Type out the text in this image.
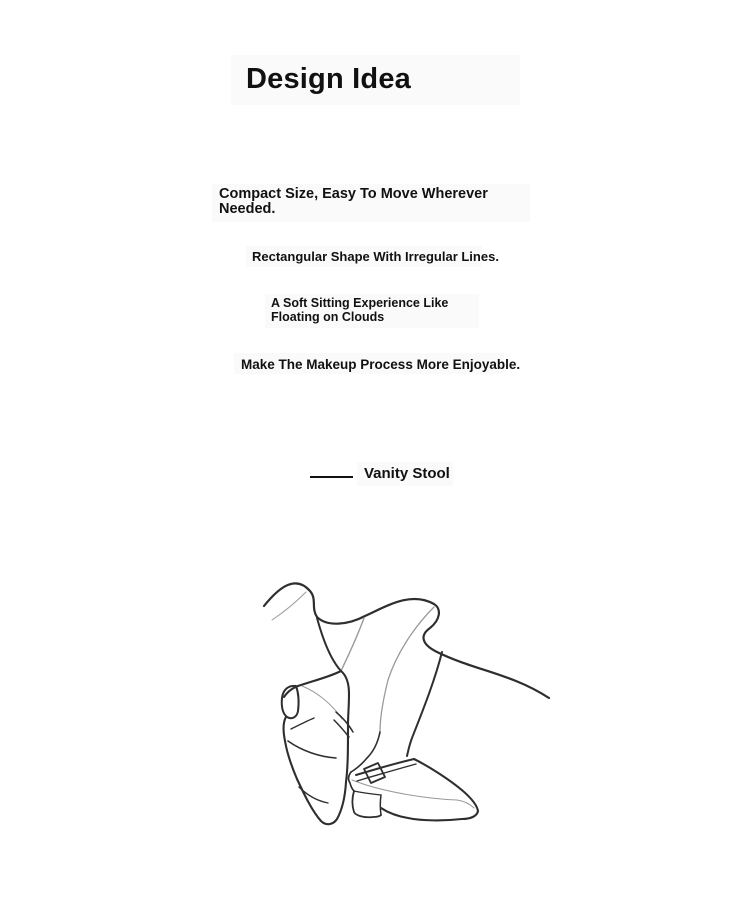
Design Idea
Compact Size, Easy To Move Wherever
Needed.
Rectangular Shape With Irregular Lines.
A Soft Sitting Experience Like
Floating on Clouds
Make The Makeup Process More Enjoyable.
Vanity Stool
